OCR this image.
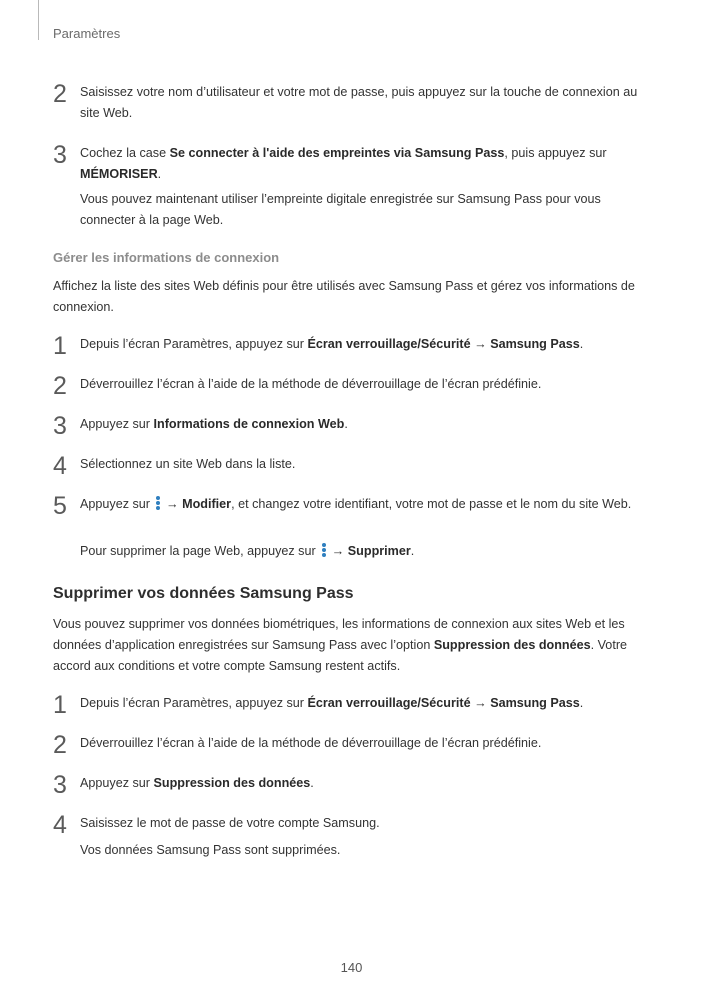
Paramètres
2	Saisissez votre nom d’utilisateur et votre mot de passe, puis appuyez sur la touche de connexion au site Web.
3	Cochez la case Se connecter à l'aide des empreintes via Samsung Pass, puis appuyez sur MÉMORISER.
Vous pouvez maintenant utiliser l’empreinte digitale enregistrée sur Samsung Pass pour vous connecter à la page Web.
Gérer les informations de connexion
Affichez la liste des sites Web définis pour être utilisés avec Samsung Pass et gérez vos informations de connexion.
1	Depuis l’écran Paramètres, appuyez sur Écran verrouillage/Sécurité → Samsung Pass.
2	Déverrouillez l’écran à l’aide de la méthode de déverrouillage de l’écran prédéfinie.
3	Appuyez sur Informations de connexion Web.
4	Sélectionnez un site Web dans la liste.
5	Appuyez sur
→ Modifier, et changez votre identifiant, votre mot de passe et le nom du site Web.
Pour supprimer la page Web, appuyez sur
→ Supprimer.
Supprimer vos données Samsung Pass
Vous pouvez supprimer vos données biométriques, les informations de connexion aux sites Web et les données d’application enregistrées sur Samsung Pass avec l’option Suppression des données. Votre accord aux conditions et votre compte Samsung restent actifs.
1	Depuis l’écran Paramètres, appuyez sur Écran verrouillage/Sécurité → Samsung Pass.
2	Déverrouillez l’écran à l’aide de la méthode de déverrouillage de l’écran prédéfinie.
3	Appuyez sur Suppression des données.
4	Saisissez le mot de passe de votre compte Samsung.
Vos données Samsung Pass sont supprimées.
140
